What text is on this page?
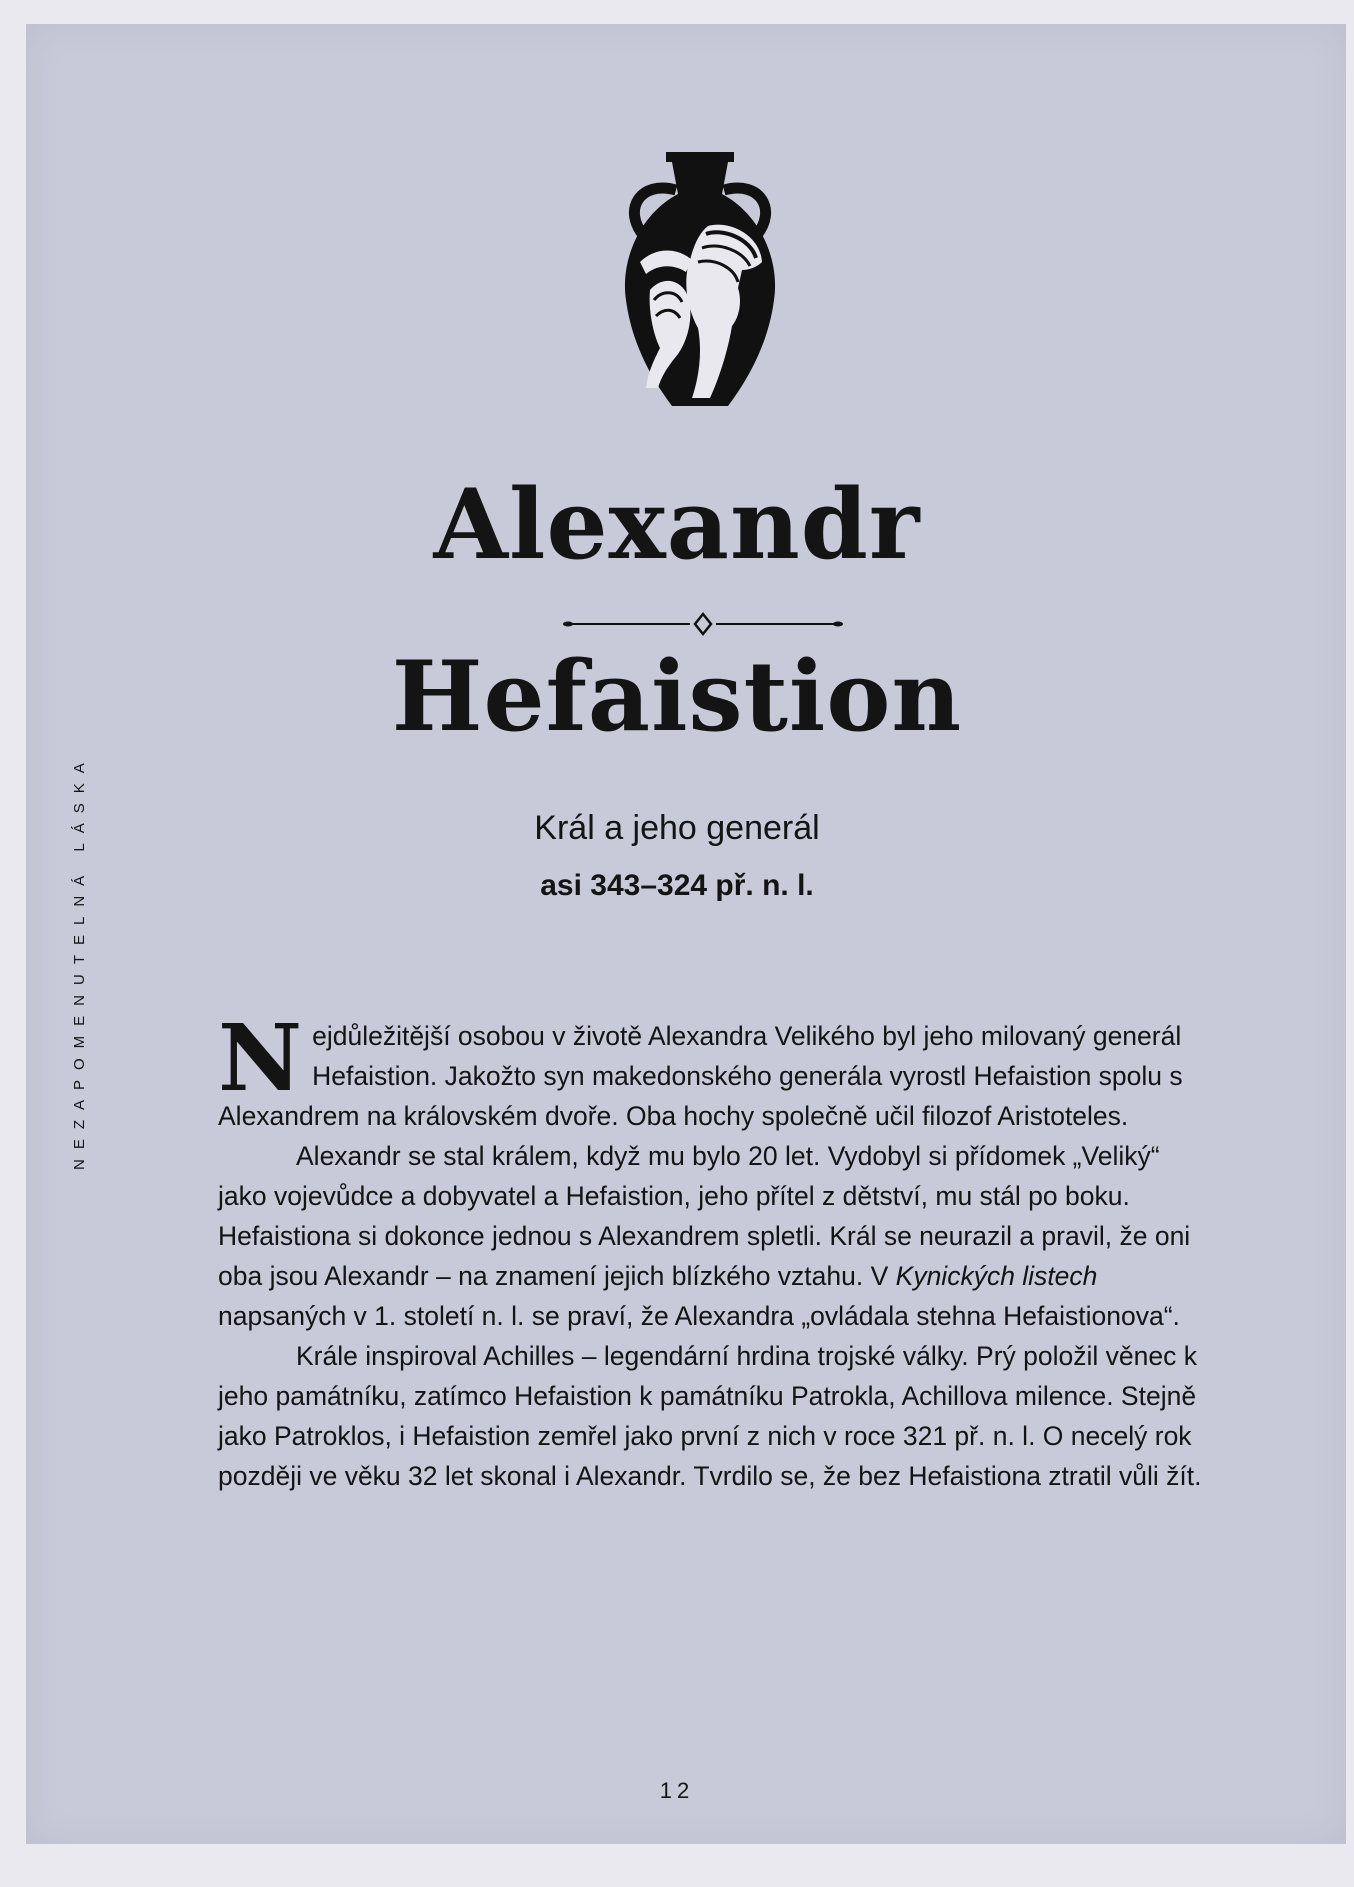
Alexandr
Hefaistion
Král a jeho generál
asi 343–324 př. n. l.
NEZAPOMENUTELNÁ LÁSKA Nejdůležitější osobou v životě Alexandra Velikého byl jeho milovaný generál Hefaistion. Jakožto syn makedonského generála vyrostl Hefaistion spolu s Alexandrem na královském dvoře. Oba hochy společně učil filozof Aristoteles.

Alexandr se stal králem, když mu bylo 20 let. Vydobyl si přídomek „Veliký“ jako vojevůdce a dobyvatel a Hefaistion, jeho přítel z dětství, mu stál po boku. Hefaistiona si dokonce jednou s Alexandrem spletli. Král se neurazil a pravil, že oni oba jsou Alexandr – na znamení jejich blízkého vztahu. V Kynických listech napsaných v 1. století n. l. se praví, že Alexandra „ovládala stehna Hefaistionova“.

Krále inspiroval Achilles – legendární hrdina trojské války. Prý položil věnec k jeho památníku, zatímco Hefaistion k památníku Patrokla, Achillova milence. Stejně jako Patroklos, i Hefaistion zemřel jako první z nich v roce 321 př. n. l. O necelý rok později ve věku 32 let skonal i Alexandr. Tvrdilo se, že bez Hefaistiona ztratil vůli žít.

12
